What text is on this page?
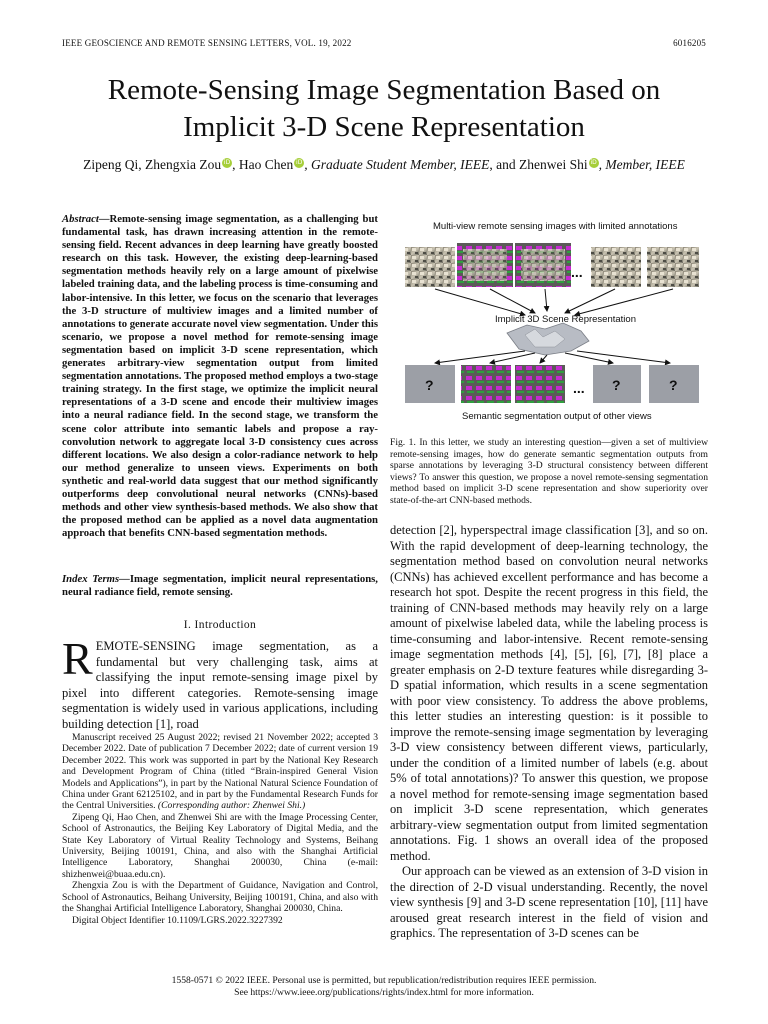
IEEE GEOSCIENCE AND REMOTE SENSING LETTERS, VOL. 19, 2022	6016205
Remote-Sensing Image Segmentation Based on
Implicit 3-D Scene Representation
Zipeng Qi, Zhengxia Zou iD , Hao Chen iD , Graduate Student Member, IEEE, and Zhenwei Shi iD , Member, IEEE
Abstract—Remote-sensing image segmentation, as a challenging but fundamental task, has drawn increasing attention in the remote-sensing field. Recent advances in deep learning have greatly boosted research on this task. However, the existing deep-learning-based segmentation methods heavily rely on a large amount of pixelwise labeled training data, and the labeling process is time-consuming and labor-intensive. In this letter, we focus on the scenario that leverages the 3-D structure of multiview images and a limited number of annotations to generate accurate novel view segmentation. Under this scenario, we propose a novel method for remote-sensing image segmentation based on implicit 3-D scene representation, which generates arbitrary-view segmentation output from limited segmentation annotations. The proposed method employs a two-stage training strategy. In the first stage, we optimize the implicit neural representations of a 3-D scene and encode their multiview images into a neural radiance field. In the second stage, we transform the scene color attribute into semantic labels and propose a ray-convolution network to aggregate local 3-D consistency cues across different locations. We also design a color-radiance network to help our method generalize to unseen views. Experiments on both synthetic and real-world data suggest that our method significantly outperforms deep convolutional neural networks (CNNs)-based methods and other view synthesis-based methods. We also show that the proposed method can be applied as a novel data augmentation approach that benefits CNN-based segmentation methods.
Index Terms—Image segmentation, implicit neural representations, neural radiance field, remote sensing.
I. Introduction
REMOTE-SENSING image segmentation, as a fundamental but very challenging task, aims at classifying the input remote-sensing image pixel by pixel into different categories. Remote-sensing image segmentation is widely used in various applications, including building detection [1], road

Manuscript received 25 August 2022; revised 21 November 2022; accepted 3 December 2022. Date of publication 7 December 2022; date of current version 19 December 2022. This work was supported in part by the National Key Research and Development Program of China (titled “Brain-inspired General Vision Models and Applications”), in part by the National Natural Science Foundation of China under Grant 62125102, and in part by the Fundamental Research Funds for the Central Universities. (Corresponding author: Zhenwei Shi.)

Zipeng Qi, Hao Chen, and Zhenwei Shi are with the Image Processing Center, School of Astronautics, the Beijing Key Laboratory of Digital Media, and the State Key Laboratory of Virtual Reality Technology and Systems, Beihang University, Beijing 100191, China, and also with the Shanghai Artificial Intelligence Laboratory, Shanghai 200030, China (e-mail: shizhenwei@buaa.edu.cn).

Zhengxia Zou is with the Department of Guidance, Navigation and Control, School of Astronautics, Beihang University, Beijing 100191, China, and also with the Shanghai Artificial Intelligence Laboratory, Shanghai 200030, China.

Digital Object Identifier 10.1109/LGRS.2022.3227392

Multi-view remote sensing images with limited annotations
...
Implicit 3D Scene Representation
?	... ?	?
Semantic segmentation output of other views
Fig. 1. In this letter, we study an interesting question—given a set of multiview remote-sensing images, how do generate semantic segmentation outputs from sparse annotations by leveraging 3-D structural consistency between different views? To answer this question, we propose a novel remote-sensing segmentation method based on implicit 3-D scene representation and show superiority over state-of-the-art CNN-based methods.

detection [2], hyperspectral image classification [3], and so on. With the rapid development of deep-learning technology, the segmentation method based on convolution neural networks (CNNs) has achieved excellent performance and has become a research hot spot. Despite the recent progress in this field, the training of CNN-based methods may heavily rely on a large amount of pixelwise labeled data, while the labeling process is time-consuming and labor-intensive. Recent remote-sensing image segmentation methods [4], [5], [6], [7], [8] place a greater emphasis on 2-D texture features while disregarding 3-D spatial information, which results in a scene segmentation with poor view consistency. To address the above problems, this letter studies an interesting question: is it possible to improve the remote-sensing image segmentation by leveraging 3-D view consistency between different views, particularly, under the condition of a limited number of labels (e.g. about 5% of total annotations)? To answer this question, we propose a novel method for remote-sensing image segmentation based on implicit 3-D scene representation, which generates arbitrary-view segmentation output from limited segmentation annotations. Fig. 1 shows an overall idea of the proposed method.

Our approach can be viewed as an extension of 3-D vision in the direction of 2-D visual understanding. Recently, the novel view synthesis [9] and 3-D scene representation [10], [11] have aroused great research interest in the field of vision and graphics. The representation of 3-D scenes can be

1558-0571 © 2022 IEEE. Personal use is permitted, but republication/redistribution requires IEEE permission.
See https://www.ieee.org/publications/rights/index.html for more information.
